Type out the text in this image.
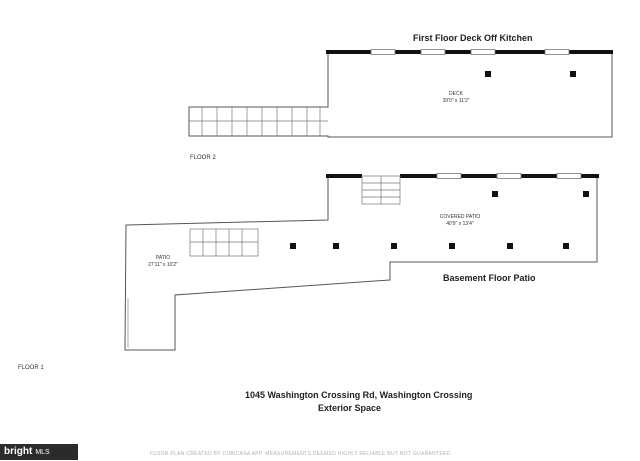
First Floor Deck Off Kitchen
Basement Floor Patio
FLOOR 2
FLOOR 1
DECK
39'0" x 11'2"
COVERED PATIO
40'9" x 13'4"
PATIO
27'11" x 10'2"
1045 Washington Crossing Rd, Washington Crossing
Exterior Space
bright MLS	FLOOR PLAN CREATED BY CUBICASA APP. MEASUREMENTS DEEMED HIGHLY RELIABLE BUT NOT GUARANTEED.
